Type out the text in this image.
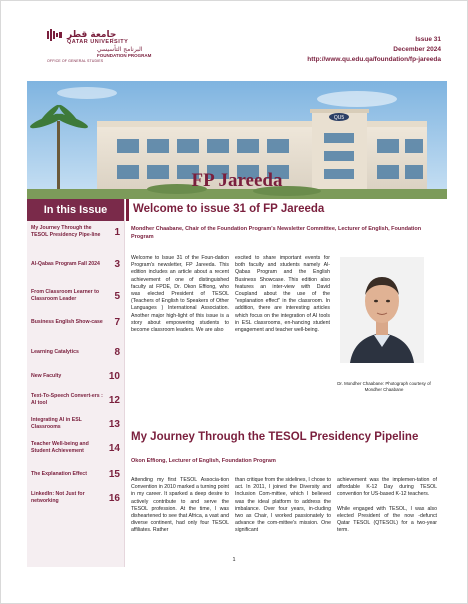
جامعة قطر
QATAR UNIVERSITY
البرنامج التأسيسي
FOUNDATION PROGRAM
OFFICE OF GENERAL STUDIES
Issue 31
December 2024
http://www.qu.edu.qa/foundation/fp-jareeda
QU5
FP Jareeda
In this Issue
My Journey Through the TESOL Presidency Pipe-line	1
Al-Qabas Program Fall 2024	3
From Classroom Learner to Classroom Leader	5
Business English Show-case	7
Learning Catalytics	8
New Faculty	10
Text-To-Speech Convert-ers : AI tool	12
Integrating AI in ESL Classrooms	13
Teacher Well-being and Student Achievement	14
The Explanation Effect	15
LinkedIn: Not Just for networking	16
Welcome to issue 31 of FP Jareeda
Mondher Chaabane, Chair of the Foundation Program's Newsletter Committee, Lecturer of English, Foundation Program

Welcome to Issue 31 of the Foun-dation Program's newsletter, FP Jareeda. This edition includes an article about a recent achievement of one of distinguished faculty at FPDE, Dr. Okon Effiong, who was elected President of TESOL (Teachers of English to Speakers of Other Languages ) International Association. Another major high-light of this issue is a story about empowering students to become classroom leaders. We are also

excited to share important events for both faculty and students namely Al-Qabas Program and the English Business Showcase. This edition also features an inter-view with David Coupland about the use of the "explanation effect" in the classroom. In addition, there are interesting articles which focus on the integration of AI tools in ESL classrooms, en-hancing student engagement and teacher well-being.

Dr. Mondher Chaabane: Photograph courtesy of Mondher Chaabane
My Journey Through the TESOL Presidency Pipeline
Okon Effiong, Lecturer of English, Foundation Program

Attending my first TESOL Associa-tion Convention in 2010 marked a turning point in my career. It sparked a deep desire to actively contribute to and serve the TESOL profession. At the time, I was disheartened to see that Africa, a vast and diverse continent, had only four TESOL affiliates. Rather

than critique from the sidelines, I chose to act. In 2011, I joined the Diversity and Inclusion Com-mittee, which I believed was the ideal platform to address the imbalance. Over four years, in-cluding two as Chair, I worked passionately to advance the com-mittee's mission. One significant

achievement was the implemen-tation of affordable K-12 Day during TESOL convention for US-based K-12 teachers.

While engaged with TESOL, I was also elected President of the now -defunct Qatar TESOL (QTESOL) for a two-year term.

1
